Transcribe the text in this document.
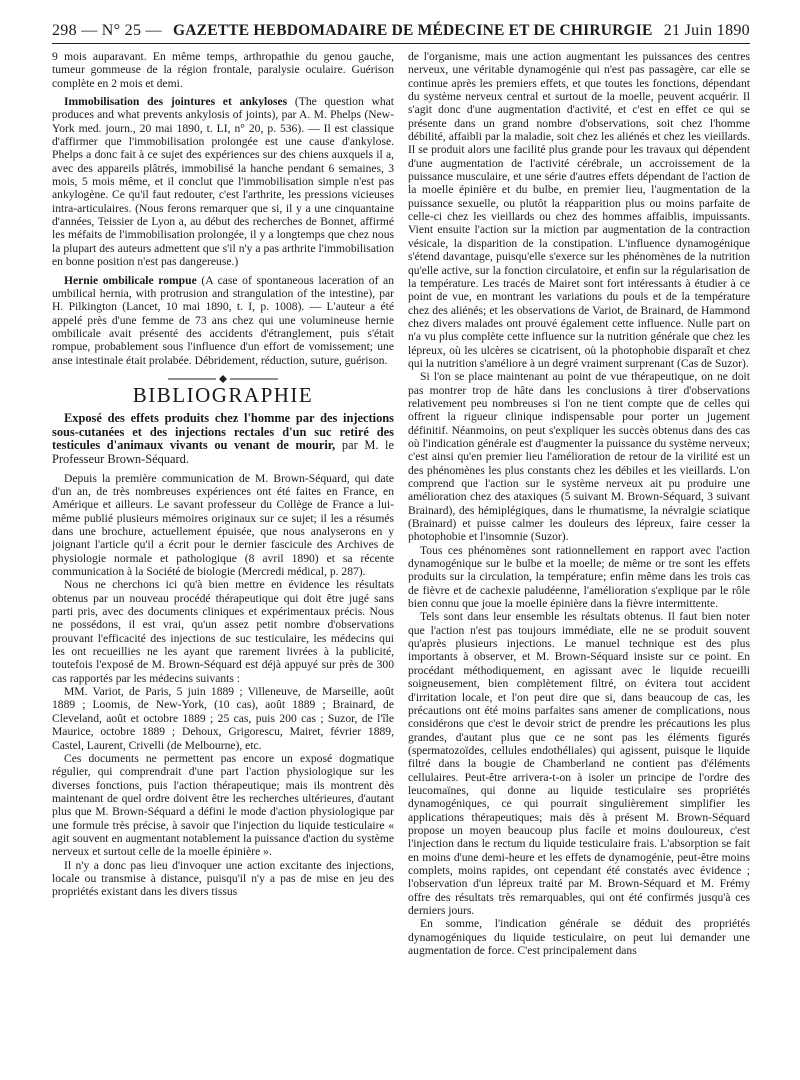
298 — N° 25 — GAZETTE HEBDOMADAIRE DE MÉDECINE ET DE CHIRURGIE 21 Juin 1890

9 mois auparavant. En même temps, arthropathie du genou gauche, tumeur gommeuse de la région frontale, paralysie oculaire. Guérison complète en 2 mois et demi.

Immobilisation des jointures et ankyloses (The question what produces and what prevents ankylosis of joints), par A. M. Phelps (New-York med. journ., 20 mai 1890, t. LI, n° 20, p. 536). — Il est classique d'affirmer que l'immobilisation prolongée est une cause d'ankylose. Phelps a donc fait à ce sujet des expériences sur des chiens auxquels il a, avec des appareils plâtrés, immobilisé la hanche pendant 6 semaines, 3 mois, 5 mois même, et il conclut que l'immobilisation simple n'est pas ankylogène. Ce qu'il faut redouter, c'est l'arthrite, les pressions vicieuses intra-articulaires. (Nous ferons remarquer que si, il y a une cinquantaine d'années, Teissier de Lyon a, au début des recherches de Bonnet, affirmé les méfaits de l'immobilisation prolongée, il y a longtemps que chez nous la plupart des auteurs admettent que s'il n'y a pas arthrite l'immobilisation en bonne position n'est pas dangereuse.)

Hernie ombilicale rompue (A case of spontaneous laceration of an umbilical hernia, with protrusion and strangulation of the intestine), par H. Pilkington (Lancet, 10 mai 1890, t. I, p. 1008). — L'auteur a été appelé près d'une femme de 73 ans chez qui une volumineuse hernie ombilicale avait présenté des accidents d'étranglement, puis s'était rompue, probablement sous l'influence d'un effort de vomissement; une anse intestinale était prolabée. Débridement, réduction, suture, guérison.

BIBLIOGRAPHIE

Exposé des effets produits chez l'homme par des injections sous-cutanées et des injections rectales d'un suc retiré des testicules d'animaux vivants ou venant de mourir, par M. le Professeur Brown-Séquard.

Depuis la première communication de M. Brown-Séquard, qui date d'un an, de très nombreuses expériences ont été faites en France, en Amérique et ailleurs. Le savant professeur du Collège de France a lui-même publié plusieurs mémoires originaux sur ce sujet; il les a résumés dans une brochure, actuellement épuisée, que nous analyserons en y joignant l'article qu'il a écrit pour le dernier fascicule des Archives de physiologie normale et pathologique (8 avril 1890) et sa récente communication à la Société de biologie (Mercredi médical, p. 287).

Nous ne cherchons ici qu'à bien mettre en évidence les résultats obtenus par un nouveau procédé thérapeutique qui doit être jugé sans parti pris, avec des documents cliniques et expérimentaux précis. Nous ne possédons, il est vrai, qu'un assez petit nombre d'observations prouvant l'efficacité des injections de suc testiculaire, les médecins qui les ont recueillies ne les ayant que rarement livrées à la publicité, toutefois l'exposé de M. Brown-Séquard est déjà appuyé sur près de 300 cas rapportés par les médecins suivants :

MM. Variot, de Paris, 5 juin 1889 ; Villeneuve, de Marseille, août 1889 ; Loomis, de New-York, (10 cas), août 1889 ; Brainard, de Cleveland, août et octobre 1889 ; 25 cas, puis 200 cas ; Suzor, de l'île Maurice, octobre 1889 ; Dehoux, Grigorescu, Mairet, février 1889, Castel, Laurent, Crivelli (de Melbourne), etc.

Ces documents ne permettent pas encore un exposé dogmatique régulier, qui comprendrait d'une part l'action physiologique sur les diverses fonctions, puis l'action thérapeutique; mais ils montrent dès maintenant de quel ordre doivent être les recherches ultérieures, d'autant plus que M. Brown-Séquard a défini le mode d'action physiologique par une formule très précise, à savoir que l'injection du liquide testiculaire « agit souvent en augmentant notablement la puissance d'action du système nerveux et surtout celle de la moelle épinière ».

Il n'y a donc pas lieu d'invoquer une action excitante des injections, locale ou transmise à distance, puisqu'il n'y a pas de mise en jeu des propriétés existant dans les divers tissus

de l'organisme, mais une action augmentant les puissances des centres nerveux, une véritable dynamogénie qui n'est pas passagère, car elle se continue après les premiers effets, et que toutes les fonctions, dépendant du système nerveux central et surtout de la moelle, peuvent acquérir. Il s'agit donc d'une augmentation d'activité, et c'est en effet ce qui se présente dans un grand nombre d'observations, soit chez l'homme débilité, affaibli par la maladie, soit chez les aliénés et chez les vieillards. Il se produit alors une facilité plus grande pour les travaux qui dépendent d'une augmentation de l'activité cérébrale, un accroissement de la puissance musculaire, et une série d'autres effets dépendant de l'action de la moelle épinière et du bulbe, en premier lieu, l'augmentation de la puissance sexuelle, ou plutôt la réapparition plus ou moins parfaite de celle-ci chez les vieillards ou chez des hommes affaiblis, impuissants. Vient ensuite l'action sur la miction par augmentation de la contraction vésicale, la disparition de la constipation. L'influence dynamogénique s'étend davantage, puisqu'elle s'exerce sur les phénomènes de la nutrition qu'elle active, sur la fonction circulatoire, et enfin sur la régularisation de la température. Les tracés de Mairet sont fort intéressants à étudier à ce point de vue, en montrant les variations du pouls et de la température chez des aliénés; et les observations de Variot, de Brainard, de Hammond chez divers malades ont prouvé également cette influence. Nulle part on n'a vu plus complète cette influence sur la nutrition générale que chez les lépreux, où les ulcères se cicatrisent, où la photophobie disparaît et chez qui la nutrition s'améliore à un degré vraiment surprenant (Cas de Suzor).

Si l'on se place maintenant au point de vue thérapeutique, on ne doit pas montrer trop de hâte dans les conclusions à tirer d'observations relativement peu nombreuses si l'on ne tient compte que de celles qui offrent la rigueur clinique indispensable pour porter un jugement définitif. Néanmoins, on peut s'expliquer les succès obtenus dans des cas où l'indication générale est d'augmenter la puissance du système nerveux; c'est ainsi qu'en premier lieu l'amélioration de retour de la virilité est un des phénomènes les plus constants chez les débiles et les vieillards. L'on comprend que l'action sur le système nerveux ait pu produire une amélioration chez des ataxiques (5 suivant M. Brown-Séquard, 3 suivant Brainard), des hémiplégiques, dans le rhumatisme, la névralgie sciatique (Brainard) et puisse calmer les douleurs des lépreux, faire cesser la photophobie et l'insomnie (Suzor).

Tous ces phénomènes sont rationnellement en rapport avec l'action dynamogénique sur le bulbe et la moelle; de même or tre sont les effets produits sur la circulation, la température; enfin même dans les trois cas de fièvre et de cachexie paludéenne, l'amélioration s'explique par le rôle bien connu que joue la moelle épinière dans la fièvre intermittente.

Tels sont dans leur ensemble les résultats obtenus. Il faut bien noter que l'action n'est pas toujours immédiate, elle ne se produit souvent qu'après plusieurs injections. Le manuel technique est des plus importants à observer, et M. Brown-Séquard insiste sur ce point. En procédant méthodiquement, en agissant avec le liquide recueilli soigneusement, bien complètement filtré, on évitera tout accident d'irritation locale, et l'on peut dire que si, dans beaucoup de cas, les précautions ont été moins parfaites sans amener de complications, nous considérons que c'est le devoir strict de prendre les précautions les plus grandes, d'autant plus que ce ne sont pas les éléments figurés (spermatozoïdes, cellules endothéliales) qui agissent, puisque le liquide filtré dans la bougie de Chamberland ne contient pas d'éléments cellulaires. Peut-être arrivera-t-on à isoler un principe de l'ordre des leucomaïnes, qui donne au liquide testiculaire ses propriétés dynamogéniques, ce qui pourrait singulièrement simplifier les applications thérapeutiques; mais dès à présent M. Brown-Séquard propose un moyen beaucoup plus facile et moins douloureux, c'est l'injection dans le rectum du liquide testiculaire frais. L'absorption se fait en moins d'une demi-heure et les effets de dynamogénie, peut-être moins complets, moins rapides, ont cependant été constatés avec évidence ; l'observation d'un lépreux traité par M. Brown-Séquard et M. Frémy offre des résultats très remarquables, qui ont été confirmés jusqu'à ces derniers jours.

En somme, l'indication générale se déduit des propriétés dynamogéniques du liquide testiculaire, on peut lui demander une augmentation de force. C'est principalement dans
